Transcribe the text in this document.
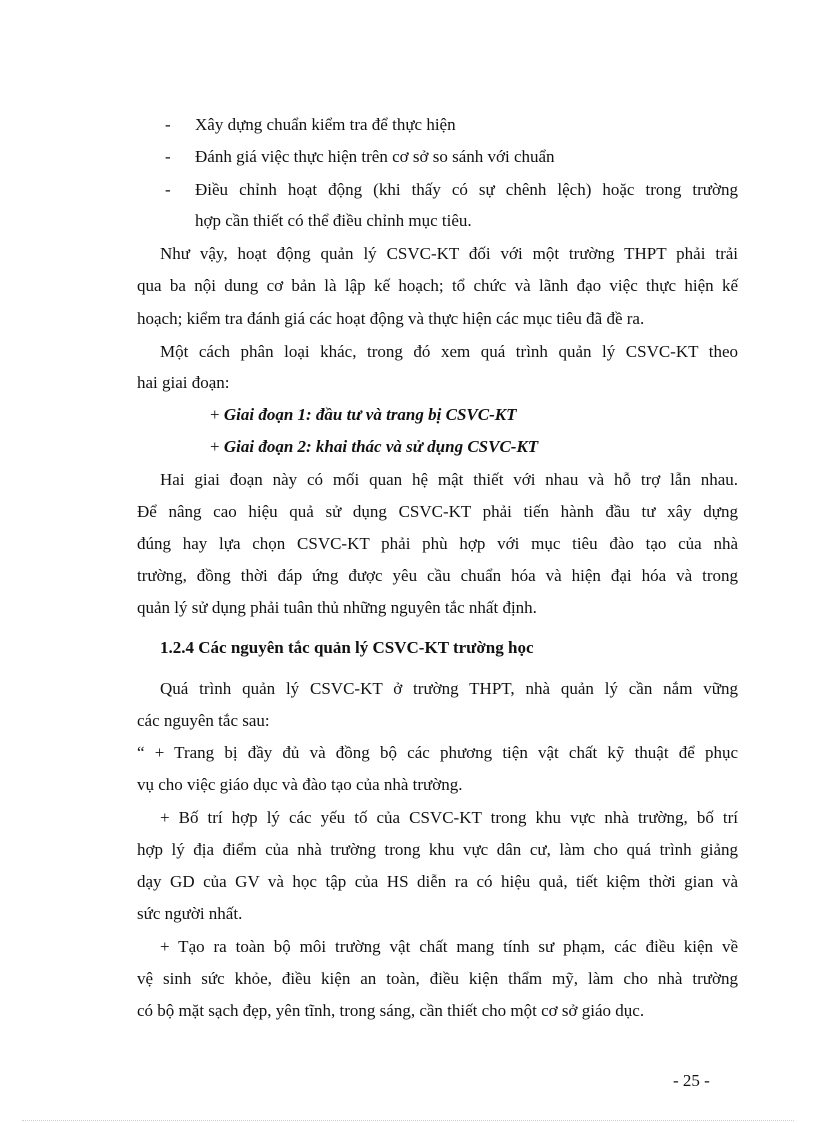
- Xây dựng chuẩn kiểm tra để thực hiện
- Đánh giá việc thực hiện trên cơ sở so sánh với chuẩn
- Điều chỉnh hoạt động (khi thấy có sự chênh lệch) hoặc trong trường
hợp cần thiết có thể điều chỉnh mục tiêu.
Như vậy, hoạt động quản lý CSVC-KT đối với một trường THPT phải trải
qua ba nội dung cơ bản là lập kế hoạch; tổ chức và lãnh đạo việc thực hiện kế
hoạch; kiểm tra đánh giá các hoạt động và thực hiện các mục tiêu đã đề ra.
Một cách phân loại khác, trong đó xem quá trình quản lý CSVC-KT theo
hai giai đoạn:
+ Giai đoạn 1: đầu tư và trang bị CSVC-KT
+ Giai đoạn 2: khai thác và sử dụng CSVC-KT
Hai giai đoạn này có mối quan hệ mật thiết với nhau và hỗ trợ lẫn nhau.
Để nâng cao hiệu quả sử dụng CSVC-KT phải tiến hành đầu tư xây dựng
đúng hay lựa chọn CSVC-KT phải phù hợp với mục tiêu đào tạo của nhà
trường, đồng thời đáp ứng được yêu cầu chuẩn hóa và hiện đại hóa và trong
quản lý sử dụng phải tuân thủ những nguyên tắc nhất định.
1.2.4 Các nguyên tắc quản lý CSVC-KT trường học
Quá trình quản lý CSVC-KT ở trường THPT, nhà quản lý cần nắm vững
các nguyên tắc sau:
“ + Trang bị đầy đủ và đồng bộ các phương tiện vật chất kỹ thuật để phục
vụ cho việc giáo dục và đào tạo của nhà trường.
+ Bố trí hợp lý các yếu tố của CSVC-KT trong khu vực nhà trường, bố trí
hợp lý địa điểm của nhà trường trong khu vực dân cư, làm cho quá trình giảng
dạy GD của GV và học tập của HS diễn ra có hiệu quả, tiết kiệm thời gian và
sức người nhất.
+ Tạo ra toàn bộ môi trường vật chất mang tính sư phạm, các điều kiện về
vệ sinh sức khỏe, điều kiện an toàn, điều kiện thẩm mỹ, làm cho nhà trường
có bộ mặt sạch đẹp, yên tĩnh, trong sáng, cần thiết cho một cơ sở giáo dục.
- 25 -
